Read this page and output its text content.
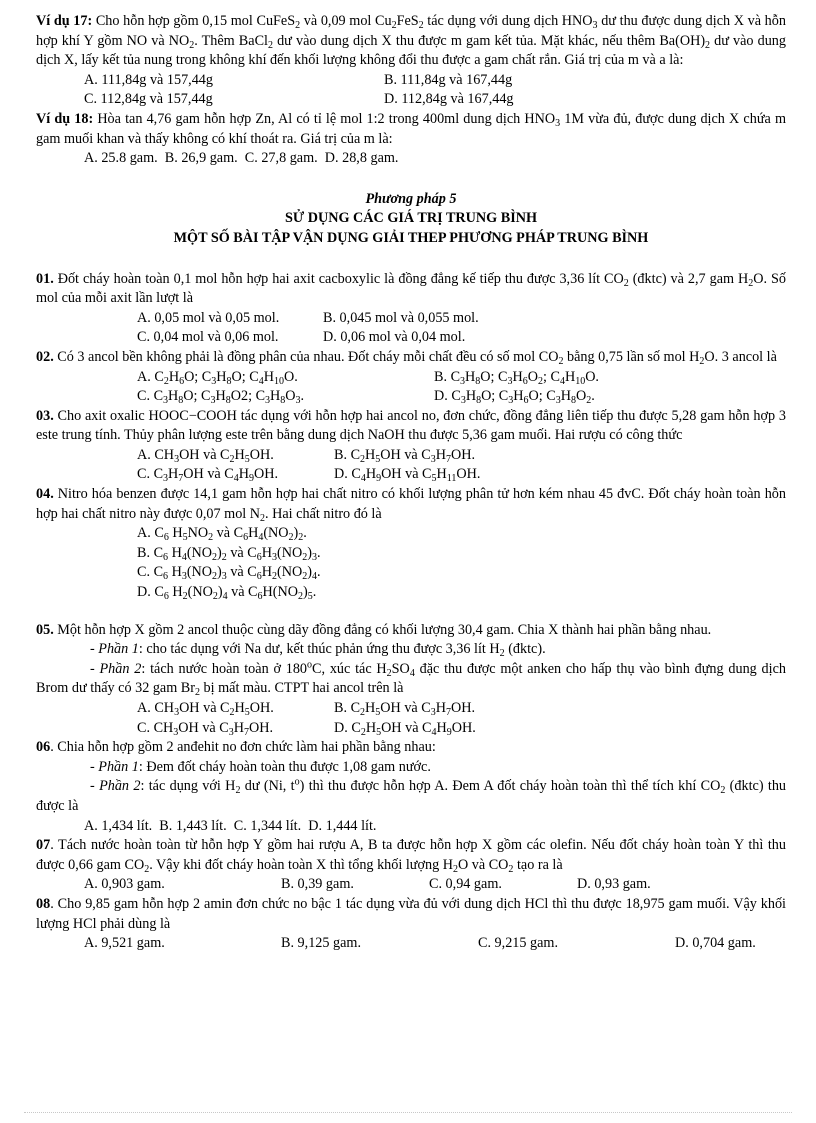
Ví dụ 17: Cho hỗn hợp gồm 0,15 mol CuFeS$_2$ và 0,09 mol $Cu_2FeS_2$ tác dụng với dung dịch $HNO_3$ dư thu được dung dịch X và hỗn hợp khí Y gồm NO và $NO_2$. Thêm BaCl$_2$ dư vào dung dịch X thu được m gam kết tủa. Mặt khác, nếu thêm $Ba(OH)_2$ dư vào dung dịch X, lấy kết tủa nung trong không khí đến khối lượng không đổi thu được a gam chất rắn. Giá trị của m và a là:

A. 111,84g và 157,44g	B. 111,84g và 167,44g
C. 112,84g và 157,44g	D. 112,84g và 167,44g

Ví dụ 18: Hòa tan 4,76 gam hỗn hợp Zn, Al có tỉ lệ mol 1:2 trong 400ml dung dịch $HNO_3$ 1M vừa đủ, được dung dịch X chứa m gam muối khan và thấy không có khí thoát ra. Giá trị của m là:

A. 25.8 gam.  B. 26,9 gam.  C. 27,8 gam.  D. 28,8 gam.

Phương pháp 5

SỬ DỤNG CÁC GIÁ TRỊ TRUNG BÌNH

MỘT SỐ BÀI TẬP VẬN DỤNG GIẢI THEP PHƯƠNG PHÁP TRUNG BÌNH

01. Đốt cháy hoàn toàn 0,1 mol hỗn hợp hai axit cacboxylic là đồng đẳng kế tiếp thu được 3,36 lít $CO_2$ (đktc) và 2,7 gam $H_2O$. Số mol của mỗi axit lần lượt là

A. 0,05 mol và 0,05 mol.	B. 0,045 mol và 0,055 mol.
C. 0,04 mol và 0,06 mol.	D. 0,06 mol và 0,04 mol.

02. Có 3 ancol bền không phải là đồng phân của nhau. Đốt cháy mỗi chất đều có số mol $CO_2$ bằng 0,75 lần số mol $H_2O$. 3 ancol là

A. $C_2H_6O$; $C_3H_8O$; $C_4H_{10}O$.	B. $C_3H_8O$; $C_3H_6O_2$; $C_4H_{10}O$.
C. $C_3H_8O$; $C_3H_8O2$; $C_3H_8O_3$.	D. $C_3H_8O$; $C_3H_6O$; $C_3H_8O_2$.

03. Cho axit oxalic HOOC−COOH tác dụng với hỗn hợp hai ancol no, đơn chức, đồng đẳng liên tiếp thu được 5,28 gam hỗn hợp 3 este trung tính. Thủy phân lượng este trên bằng dung dịch NaOH thu được 5,36 gam muối. Hai rượu có công thức

A. $CH_3OH$ và $C_2H_5OH$.	B. $C_2H_5OH$ và $C_3H_7OH$.
C. $C_3H_7OH$ và $C_4H_9OH$.	D. $C_4H_9OH$ và $C_5H_{11}OH$.

04. Nitro hóa benzen được 14,1 gam hỗn hợp hai chất nitro có khối lượng phân tử hơn kém nhau 45 đvC. Đốt cháy hoàn toàn hỗn hợp hai chất nitro này được 0,07 mol $N_2$. Hai chất nitro đó là

A. $C_6$ $H_5NO_2$ và $C_6H_4(NO_2)_2$.

B. $C_6$ $H_4(NO_2)_2$ và $C_6H_3(NO_2)_3$.

C. $C_6$ $H_3(NO_2)_3$ và $C_6H_2(NO_2)_4$.

D. $C_6$ $H_2(NO_2)_4$ và $C_6H(NO_2)_5$.

05. Một hỗn hợp X gồm 2 ancol thuộc cùng dãy đồng đẳng có khối lượng 30,4 gam. Chia X thành hai phần bằng nhau.

- Phần 1: cho tác dụng với Na dư, kết thúc phản ứng thu được 3,36 lít $H_2$ (đktc).

- Phần 2: tách nước hoàn toàn ở 180$^o$C, xúc tác $H_2SO_4$ đặc thu được một anken cho hấp thụ vào bình đựng dung dịch Brom dư thấy có 32 gam $Br_2$ bị mất màu. CTPT hai ancol trên là

A. $CH_3OH$ và $C_2H_5OH$.	B. $C_2H_5OH$ và $C_3H_7OH$.
C. $CH_3OH$ và $C_3H_7OH$.	D. $C_2H_5OH$ và $C_4H_9OH$.

06. Chia hỗn hợp gồm 2 anđehit no đơn chức làm hai phần bằng nhau:

- Phần 1: Đem đốt cháy hoàn toàn thu được 1,08 gam nước.

- Phần 2: tác dụng với $H_2$ dư (Ni, $t^o$) thì thu được hỗn hợp A. Đem A đốt cháy hoàn toàn thì thể tích khí $CO_2$ (đktc) thu được là

A. 1,434 lít.  B. 1,443 lít.  C. 1,344 lít.  D. 1,444 lít.

07. Tách nước hoàn toàn từ hỗn hợp Y gồm hai rượu A, B ta được hỗn hợp X gồm các olefin. Nếu đốt cháy hoàn toàn Y thì thu được 0,66 gam $CO_2$. Vậy khi đốt cháy hoàn toàn X thì tổng khối lượng $H_2O$ và $CO_2$ tạo ra là

A. 0,903 gam.	B. 0,39 gam.	C. 0,94 gam.	D. 0,93 gam.

08. Cho 9,85 gam hỗn hợp 2 amin đơn chức no bậc 1 tác dụng vừa đủ với dung dịch HCl thì thu được 18,975 gam muối. Vậy khối lượng HCl phải dùng là

A. 9,521 gam.	B. 9,125 gam.	C. 9,215 gam.	D. 0,704 gam.
